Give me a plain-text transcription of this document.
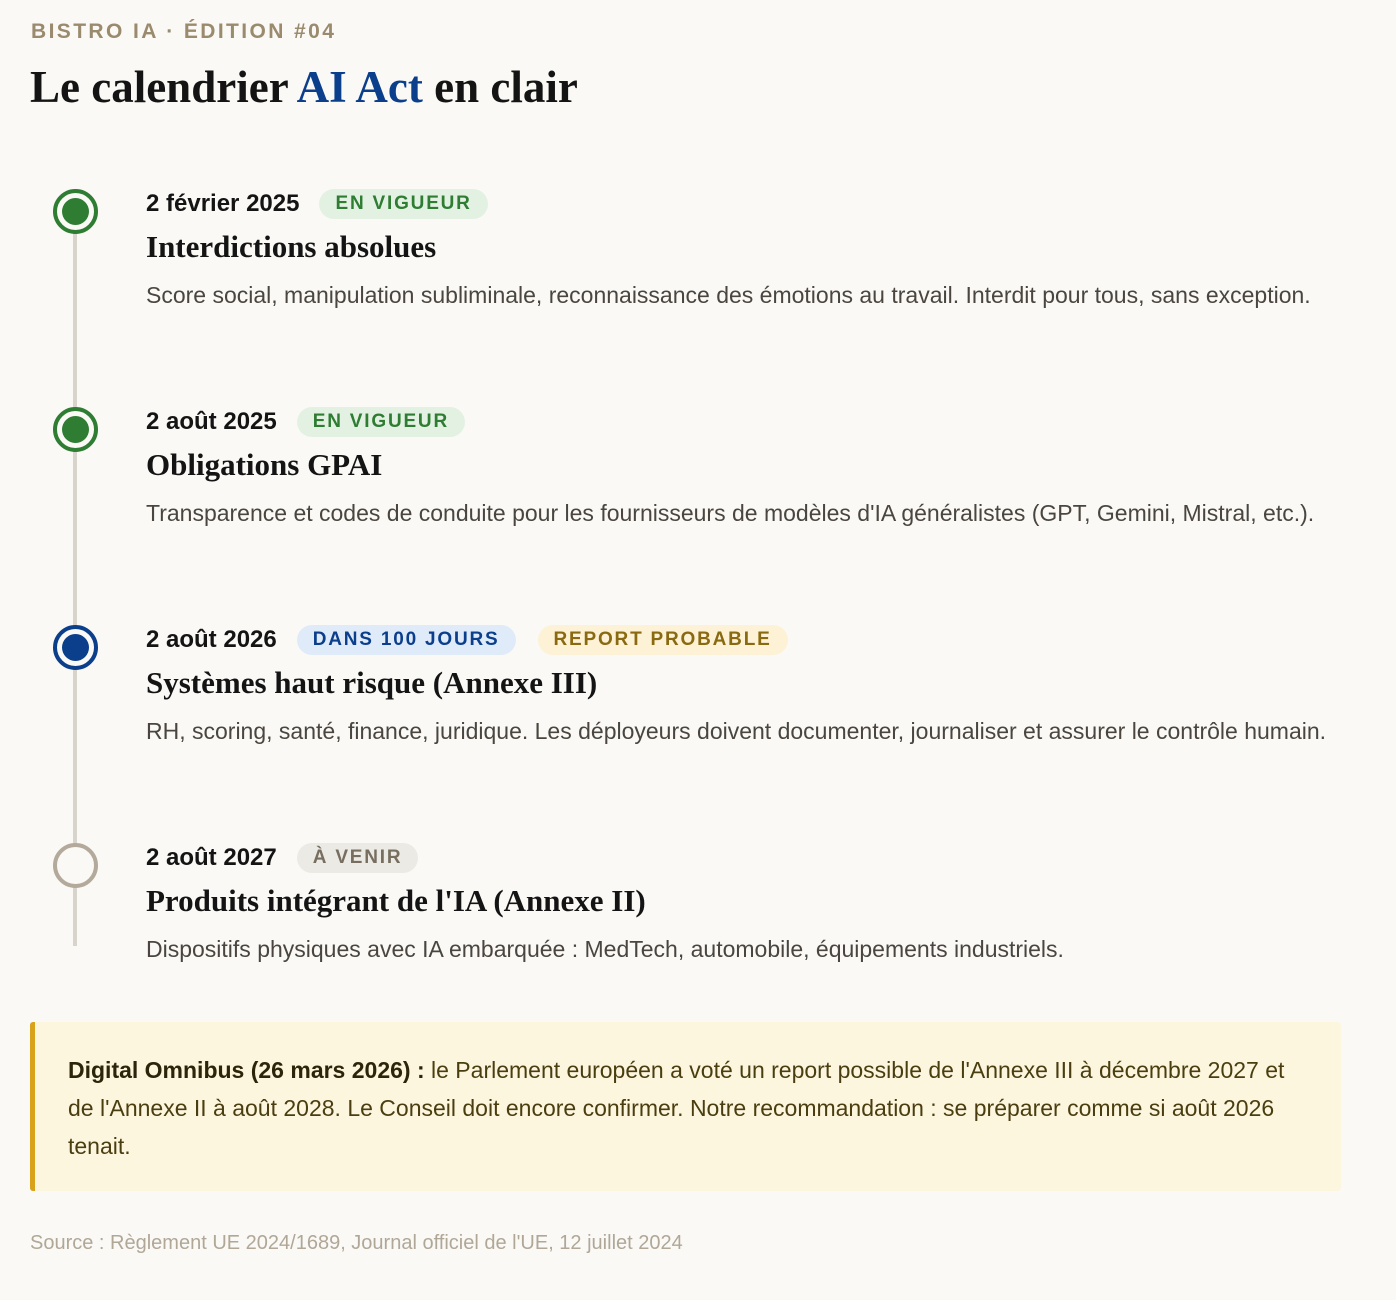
BISTRO IA · ÉDITION #04
Le calendrier AI Act en clair
2 février 2025	EN VIGUEUR
Interdictions absolues

Score social, manipulation subliminale, reconnaissance des émotions au travail. Interdit pour tous, sans exception.

2 août 2025	EN VIGUEUR
Obligations GPAI

Transparence et codes de conduite pour les fournisseurs de modèles d'IA généralistes (GPT, Gemini, Mistral, etc.).

2 août 2026	DANS 100 JOURS	REPORT PROBABLE
Systèmes haut risque (Annexe III)

RH, scoring, santé, finance, juridique. Les déployeurs doivent documenter, journaliser et assurer le contrôle humain.

2 août 2027	À VENIR
Produits intégrant de l'IA (Annexe II)

Dispositifs physiques avec IA embarquée : MedTech, automobile, équipements industriels.

Digital Omnibus (26 mars 2026) : le Parlement européen a voté un report possible de l'Annexe III à décembre 2027 et de l'Annexe II à août 2028. Le Conseil doit encore confirmer. Notre recommandation : se préparer comme si août 2026 tenait.
Source : Règlement UE 2024/1689, Journal officiel de l'UE, 12 juillet 2024
